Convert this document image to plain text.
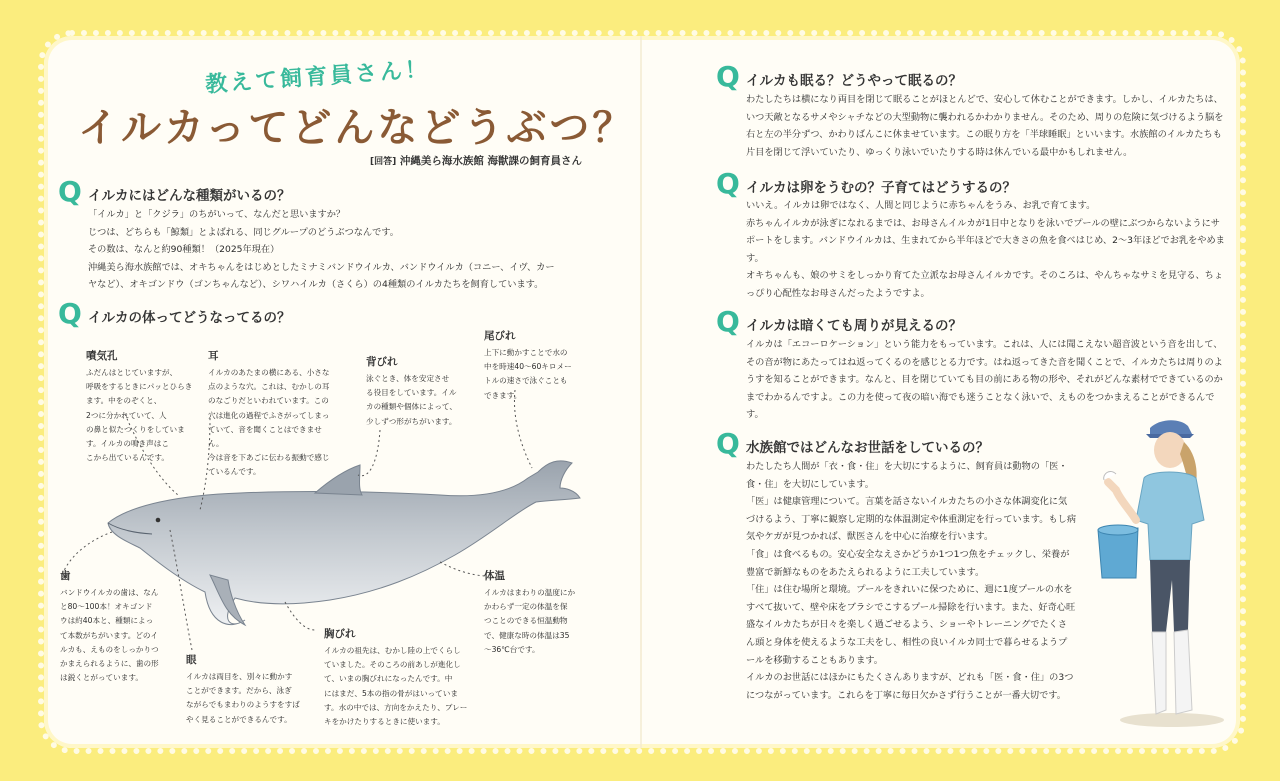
教えて飼育員さん！
イルカってどんなどうぶつ？
[回答] 沖縄美ら海水族館 海獣課の飼育員さん
Q イルカにはどんな種類がいるの？
「イルカ」と「クジラ」のちがいって、なんだと思いますか？
じつは、どちらも「鯨類」とよばれる、同じグループのどうぶつなんです。
その数は、なんと約90種類！（2025年現在）
沖縄美ら海水族館では、オキちゃんをはじめとしたミナミバンドウイルカ、バンドウイルカ（コニー、イヴ、カーヤなど）、オキゴンドウ（ゴンちゃんなど）、シワハイルカ（さくら）の4種類のイルカたちを飼育しています。
Q イルカの体ってどうなってるの？
噴気孔
ふだんはとじていますが、
呼吸をするときにパッとひらきます。中をのぞくと、
2つに分かれていて、人
の鼻と似たつくりをしています。イルカの鳴き声はこ
こから出ているんです。
耳
イルカのあたまの横にある、小さな
点のような穴。これは、むかしの耳
のなごりだといわれています。この
穴は進化の過程でふさがってしまっ
ていて、音を聞くことはできません。
今は音を下あごに伝わる振動で感じ
ているんです。
背びれ
泳ぐとき、体を安定させ
る役目をしています。イル
カの種類や個体によって、
少しずつ形がちがいます。
尾びれ
上下に動かすことで水の
中を時速40〜60キロメー
トルの速さで泳ぐことも
できます。
歯
バンドウイルカの歯は、なん
と80〜100本！オキゴンド
ウは約40本と、種類によっ
て本数がちがいます。どのイ
ルカも、えものをしっかりつ
かまえられるように、歯の形
は鋭くとがっています。
眼
イルカは両目を、別々に動かす
ことができます。だから、泳ぎ
ながらでもまわりのようすをすば
やく見ることができるんです。
胸びれ
イルカの祖先は、むかし陸の上でくらし
ていました。そのころの前あしが進化し
て、いまの胸びれになったんです。中
にはまだ、5本の指の骨がはいっていま
す。水の中では、方向をかえたり、ブレー
キをかけたりするときに使います。
体温
イルカはまわりの温度にか
かわらず一定の体温を保
つことのできる恒温動物
で、健康な時の体温は35
〜36℃台です。
Q イルカも眠る？どうやって眠るの？
わたしたちは横になり両目を閉じて眠ることがほとんどで、安心して休むことができます。しかし、イルカたちは、いつ天敵となるサメやシャチなどの大型動物に襲われるかわかりません。そのため、周りの危険に気づけるよう脳を右と左の半分ずつ、かわりばんこに休ませています。この眠り方を「半球睡眠」といいます。水族館のイルカたちも片目を閉じて浮いていたり、ゆっくり泳いでいたりする時は休んでいる最中かもしれません。
Q イルカは卵をうむの？子育てはどうするの？
いいえ。イルカは卵ではなく、人間と同じように赤ちゃんをうみ、お乳で育てます。
赤ちゃんイルカが泳ぎになれるまでは、お母さんイルカが1日中となりを泳いでプールの壁にぶつからないようにサポートをします。バンドウイルカは、生まれてから半年ほどで大きさの魚を食べはじめ、2〜3年ほどでお乳をやめます。
オキちゃんも、娘のサミをしっかり育てた立派なお母さんイルカです。そのころは、やんちゃなサミを見守る、ちょっぴり心配性なお母さんだったようですよ。
Q イルカは暗くても周りが見えるの？
イルカは「エコーロケーション」という能力をもっています。これは、人には聞こえない超音波という音を出して、その音が物にあたってはね返ってくるのを感じとる力です。はね返ってきた音を聞くことで、イルカたちは周りのようすを知ることができます。なんと、目を閉じていても目の前にある物の形や、それがどんな素材でできているのかまでわかるんですよ。この力を使って夜の暗い海でも迷うことなく泳いで、えものをつかまえることができるんです。
Q 水族館ではどんなお世話をしているの？
わたしたち人間が「衣・食・住」を大切にするように、飼育員は動物の「医・食・住」を大切にしています。
「医」は健康管理について。言葉を話さないイルカたちの小さな体調変化に気づけるよう、丁寧に観察し定期的な体温測定や体重測定を行っています。もし病気やケガが見つかれば、獣医さんを中心に治療を行います。
「食」は食べるもの。安心安全なえさかどうか1つ1つ魚をチェックし、栄養が豊富で新鮮なものをあたえられるように工夫しています。
「住」は住む場所と環境。プールをきれいに保つために、週に1度プールの水をすべて抜いて、壁や床をブラシでこするプール掃除を行います。また、好奇心旺盛なイルカたちが日々を楽しく過ごせるよう、ショーやトレーニングでたくさん頭と身体を使えるような工夫をし、相性の良いイルカ同士で暮らせるようプールを移動することもあります。
イルカのお世話にはほかにもたくさんありますが、どれも「医・食・住」の3つにつながっています。これらを丁寧に毎日欠かさず行うことが一番大切です。
